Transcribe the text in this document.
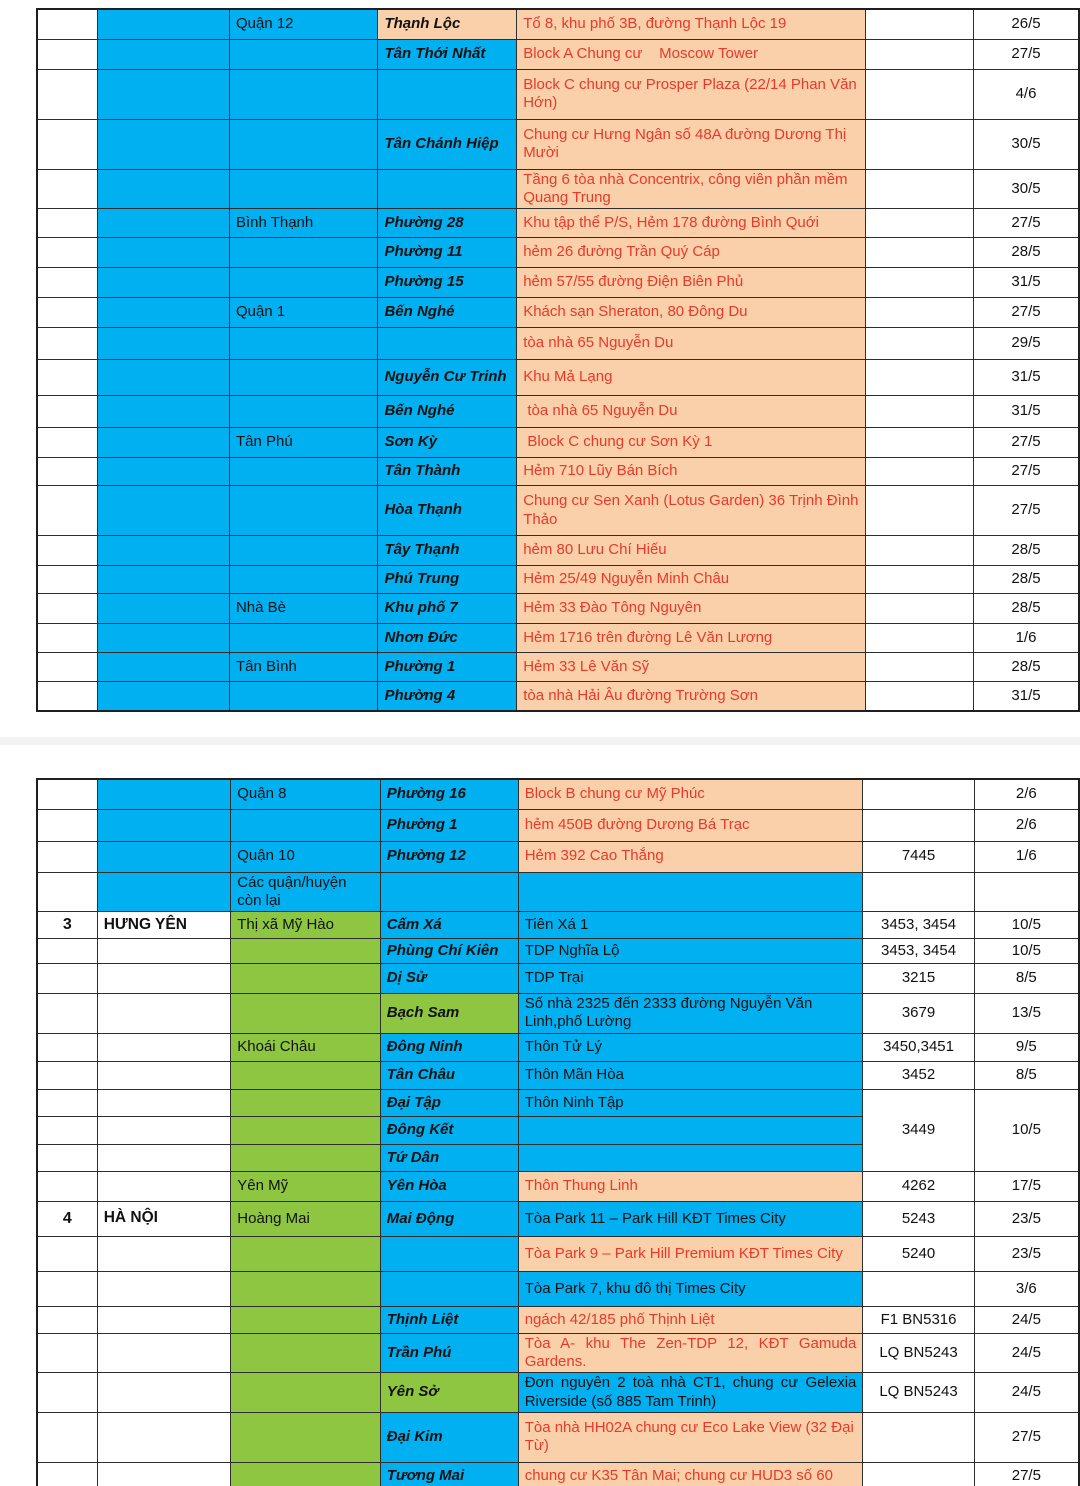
		Quận 12	Thạnh Lộc	Tổ 8, khu phố 3B, đường Thạnh Lộc 19		26/5
			Tân Thới Nhất	Block A Chung cư    Moscow Tower		27/5
				Block C chung cư Prosper Plaza (22/14 Phan Văn Hớn)		4/6
			Tân Chánh Hiệp	Chung cư Hưng Ngân số 48A đường Dương Thị Mười		30/5
				Tầng 6 tòa nhà Concentrix, công viên phần mềm Quang Trung		30/5
		Bình Thạnh	Phường 28	Khu tập thể P/S, Hẻm 178 đường Bình Quới		27/5
			Phường 11	hẻm 26 đường Trần Quý Cáp		28/5
			Phường 15	hẻm 57/55 đường Điện Biên Phủ		31/5
		Quận 1	Bến Nghé	Khách sạn Sheraton, 80 Đông Du		27/5
				tòa nhà 65 Nguyễn Du		29/5
			Nguyễn Cư Trinh	Khu Mả Lạng		31/5
			Bến Nghé	tòa nhà 65 Nguyễn Du		31/5
		Tân Phú	Sơn Kỳ	Block C chung cư Sơn Kỳ 1		27/5
			Tân Thành	Hẻm 710 Lũy Bán Bích		27/5
			Hòa Thạnh	Chung cư Sen Xanh (Lotus Garden) 36 Trịnh Đình Thảo		27/5
			Tây Thạnh	hẻm 80 Lưu Chí Hiếu		28/5
			Phú Trung	Hẻm 25/49 Nguyễn Minh Châu		28/5
		Nhà Bè	Khu phố 7	Hẻm 33 Đào Tông Nguyên		28/5
			Nhơn Đức	Hẻm 1716 trên đường Lê Văn Lương		1/6
		Tân Bình	Phường 1	Hẻm 33 Lê Văn Sỹ		28/5
			Phường 4	tòa nhà Hải Âu đường Trường Sơn		31/5
		Quận 8	Phường 16	Block B chung cư Mỹ Phúc		2/6
			Phường 1	hẻm 450B đường Dương Bá Trạc		2/6
		Quận 10	Phường 12	Hẻm 392 Cao Thắng	7445	1/6
		Các quận/huyện còn lại				
3	HƯNG YÊN	Thị xã Mỹ Hào	Cấm Xá	Tiên Xá 1	3453, 3454	10/5
			Phùng Chí Kiên	TDP Nghĩa Lộ	3453, 3454	10/5
			Dị Sử	TDP Trại	3215	8/5
			Bạch Sam	Số nhà 2325 đến 2333 đường Nguyễn Văn Linh,phố Lường	3679	13/5
		Khoái Châu	Đông Ninh	Thôn Tử Lý	3450,3451	9/5
			Tân Châu	Thôn Mãn Hòa	3452	8/5
			Đại Tập	Thôn Ninh Tập	3449	10/5
			Đông Kết			
			Tứ Dân			
		Yên Mỹ	Yên Hòa	Thôn Thung Linh	4262	17/5
4	HÀ NỘI	Hoàng Mai	Mai Động	Tòa Park 11 – Park Hill KĐT Times City	5243	23/5
				Tòa Park 9 – Park Hill Premium KĐT Times City	5240	23/5
				Tòa Park 7, khu đô thị Times City		3/6
			Thịnh Liệt	ngách 42/185 phố Thịnh Liệt	F1 BN5316	24/5
			Trần Phú	Tòa A- khu The Zen-TDP 12, KĐT Gamuda Gardens.	LQ BN5243	24/5
			Yên Sở	Đơn nguyên 2 toà nhà CT1, chung cư Gelexia Riverside (số 885 Tam Trinh)	LQ BN5243	24/5
			Đại Kim	Tòa nhà HH02A chung cư Eco Lake View (32 Đại Từ)		27/5
			Tương Mai	chung cư K35 Tân Mai; chung cư HUD3 số 60		27/5
